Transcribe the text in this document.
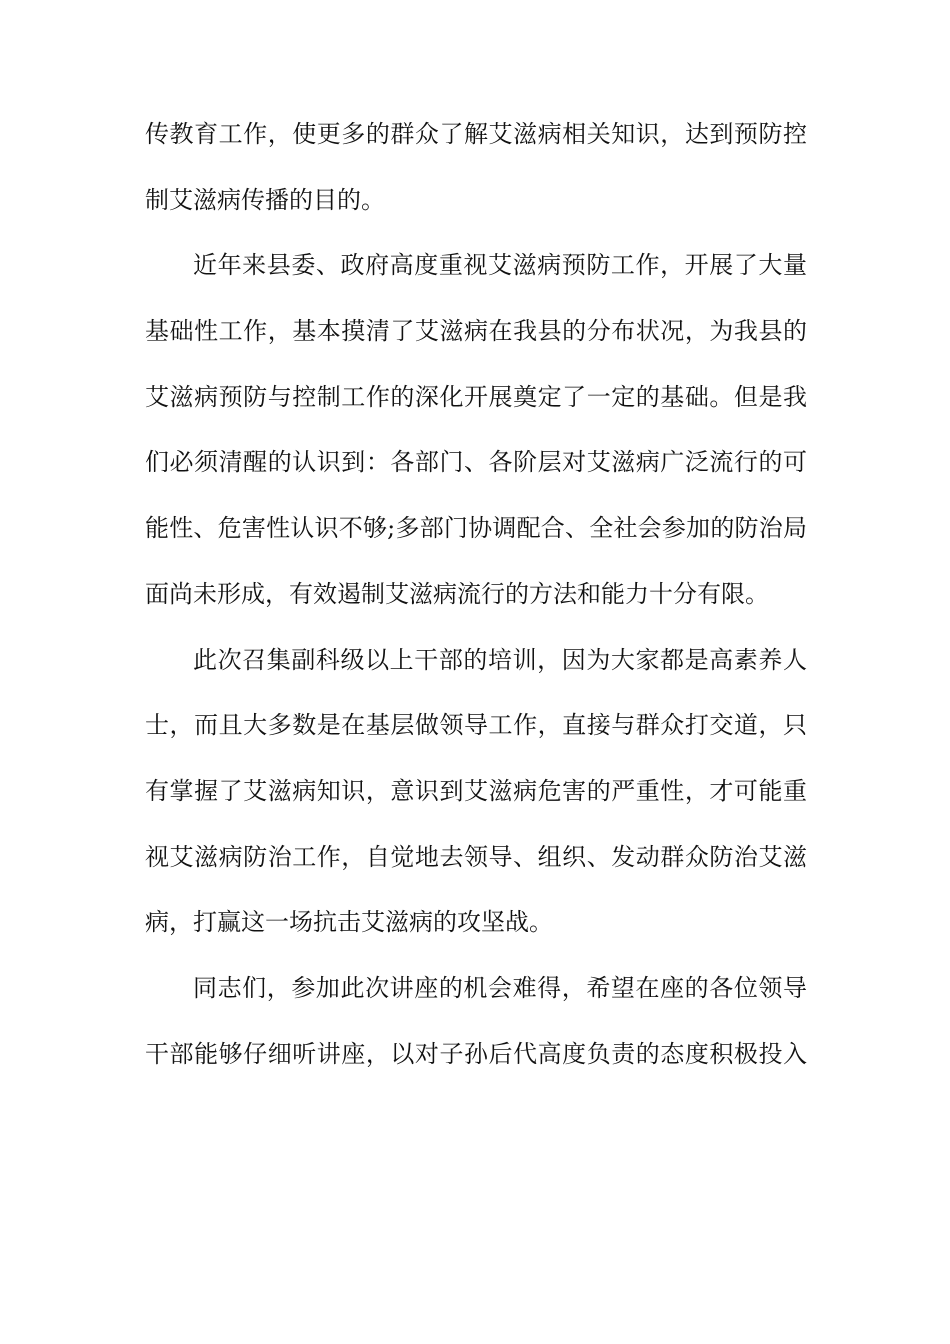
传教育工作，使更多的群众了解艾滋病相关知识，达到预防控
制艾滋病传播的目的。
近年来县委、政府高度重视艾滋病预防工作，开展了大量
基础性工作，基本摸清了艾滋病在我县的分布状况，为我县的
艾滋病预防与控制工作的深化开展奠定了一定的基础。但是我
们必须清醒的认识到：各部门、各阶层对艾滋病广泛流行的可
能性、危害性认识不够;多部门协调配合、全社会参加的防治局
面尚未形成，有效遏制艾滋病流行的方法和能力十分有限。
此次召集副科级以上干部的培训，因为大家都是高素养人
士，而且大多数是在基层做领导工作，直接与群众打交道，只
有掌握了艾滋病知识，意识到艾滋病危害的严重性，才可能重
视艾滋病防治工作，自觉地去领导、组织、发动群众防治艾滋
病，打赢这一场抗击艾滋病的攻坚战。
同志们，参加此次讲座的机会难得，希望在座的各位领导
干部能够仔细听讲座，以对子孙后代高度负责的态度积极投入
